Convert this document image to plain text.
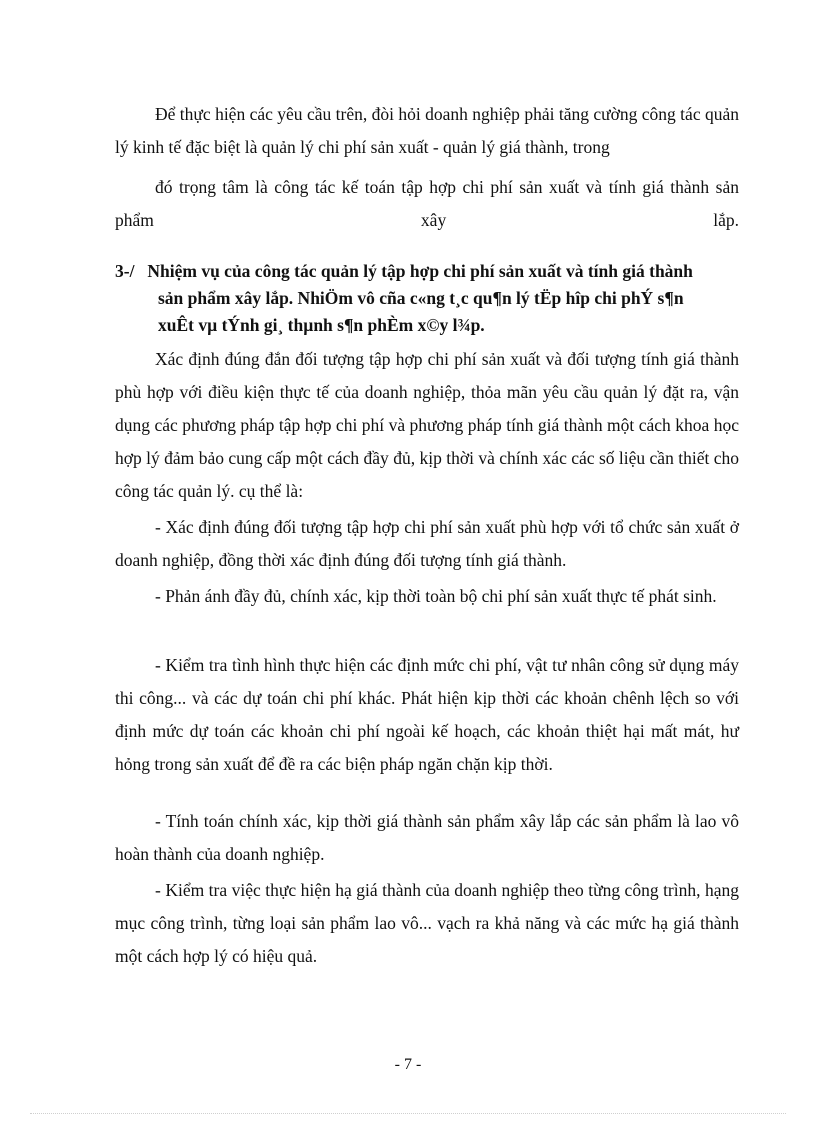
Để thực hiện các yêu cầu trên, đòi hỏi doanh nghiệp phải tăng cường công tác quản lý kinh tế đặc biệt là quản lý chi phí sản xuất - quản lý giá thành, trong

đó trọng tâm là công tác kế toán tập hợp chi phí sản xuất và tính giá thành sản phẩm xây lắp.

3-/ Nhiệm vụ của công tác quản lý tập hợp chi phí sản xuất và tính giá thành
sản phẩm xây lắp. NhiÖm vô cña c«ng t¸c qu¶n lý tËp hîp chi phÝ s¶n
xuÊt vµ tÝnh gi¸ thµnh s¶n phÈm x©y l¾p.

Xác định đúng đắn đối tượng tập hợp chi phí sản xuất và đối tượng tính giá thành phù hợp với điều kiện thực tế của doanh nghiệp, thỏa mãn yêu cầu quản lý đặt ra, vận dụng các phương pháp tập hợp chi phí và phương pháp tính giá thành một cách khoa học hợp lý đảm bảo cung cấp một cách đầy đủ, kịp thời và chính xác các số liệu cần thiết cho công tác quản lý. cụ thể là:

- Xác định đúng đối tượng tập hợp chi phí sản xuất phù hợp với tổ chức sản xuất ở doanh nghiệp, đồng thời xác định đúng đối tượng tính giá thành.

- Phản ánh đầy đủ, chính xác, kịp thời toàn bộ chi phí sản xuất thực tế phát sinh.

- Kiểm tra tình hình thực hiện các định mức chi phí, vật tư nhân công sử dụng máy thi công... và các dự toán chi phí khác. Phát hiện kịp thời các khoản chênh lệch so với định mức dự toán các khoản chi phí ngoài kế hoạch, các khoản thiệt hại mất mát, hư hỏng trong sản xuất để đề ra các biện pháp ngăn chặn kịp thời.

- Tính toán chính xác, kịp thời giá thành sản phẩm xây lắp các sản phẩm là lao vô hoàn thành của doanh nghiệp.

- Kiểm tra việc thực hiện hạ giá thành của doanh nghiệp theo từng công trình, hạng mục công trình, từng loại sản phẩm lao vô... vạch ra khả năng và các mức hạ giá thành một cách hợp lý có hiệu quả.

- 7 -
